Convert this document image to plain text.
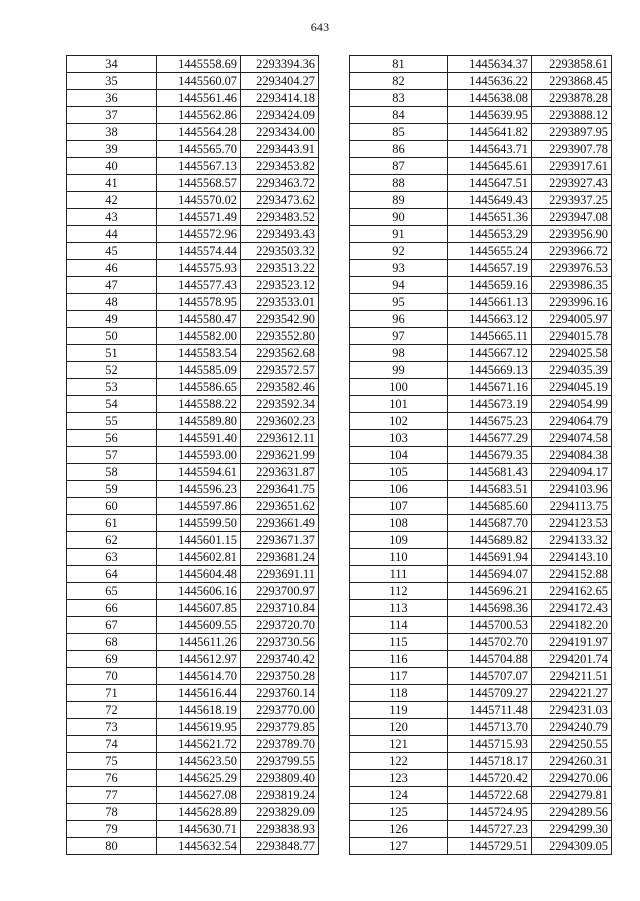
643
34	1445558.69	2293394.36
35	1445560.07	2293404.27
36	1445561.46	2293414.18
37	1445562.86	2293424.09
38	1445564.28	2293434.00
39	1445565.70	2293443.91
40	1445567.13	2293453.82
41	1445568.57	2293463.72
42	1445570.02	2293473.62
43	1445571.49	2293483.52
44	1445572.96	2293493.43
45	1445574.44	2293503.32
46	1445575.93	2293513.22
47	1445577.43	2293523.12
48	1445578.95	2293533.01
49	1445580.47	2293542.90
50	1445582.00	2293552.80
51	1445583.54	2293562.68
52	1445585.09	2293572.57
53	1445586.65	2293582.46
54	1445588.22	2293592.34
55	1445589.80	2293602.23
56	1445591.40	2293612.11
57	1445593.00	2293621.99
58	1445594.61	2293631.87
59	1445596.23	2293641.75
60	1445597.86	2293651.62
61	1445599.50	2293661.49
62	1445601.15	2293671.37
63	1445602.81	2293681.24
64	1445604.48	2293691.11
65	1445606.16	2293700.97
66	1445607.85	2293710.84
67	1445609.55	2293720.70
68	1445611.26	2293730.56
69	1445612.97	2293740.42
70	1445614.70	2293750.28
71	1445616.44	2293760.14
72	1445618.19	2293770.00
73	1445619.95	2293779.85
74	1445621.72	2293789.70
75	1445623.50	2293799.55
76	1445625.29	2293809.40
77	1445627.08	2293819.24
78	1445628.89	2293829.09
79	1445630.71	2293838.93
80	1445632.54	2293848.77
81	1445634.37	2293858.61
82	1445636.22	2293868.45
83	1445638.08	2293878.28
84	1445639.95	2293888.12
85	1445641.82	2293897.95
86	1445643.71	2293907.78
87	1445645.61	2293917.61
88	1445647.51	2293927.43
89	1445649.43	2293937.25
90	1445651.36	2293947.08
91	1445653.29	2293956.90
92	1445655.24	2293966.72
93	1445657.19	2293976.53
94	1445659.16	2293986.35
95	1445661.13	2293996.16
96	1445663.12	2294005.97
97	1445665.11	2294015.78
98	1445667.12	2294025.58
99	1445669.13	2294035.39
100	1445671.16	2294045.19
101	1445673.19	2294054.99
102	1445675.23	2294064.79
103	1445677.29	2294074.58
104	1445679.35	2294084.38
105	1445681.43	2294094.17
106	1445683.51	2294103.96
107	1445685.60	2294113.75
108	1445687.70	2294123.53
109	1445689.82	2294133.32
110	1445691.94	2294143.10
111	1445694.07	2294152.88
112	1445696.21	2294162.65
113	1445698.36	2294172.43
114	1445700.53	2294182.20
115	1445702.70	2294191.97
116	1445704.88	2294201.74
117	1445707.07	2294211.51
118	1445709.27	2294221.27
119	1445711.48	2294231.03
120	1445713.70	2294240.79
121	1445715.93	2294250.55
122	1445718.17	2294260.31
123	1445720.42	2294270.06
124	1445722.68	2294279.81
125	1445724.95	2294289.56
126	1445727.23	2294299.30
127	1445729.51	2294309.05
